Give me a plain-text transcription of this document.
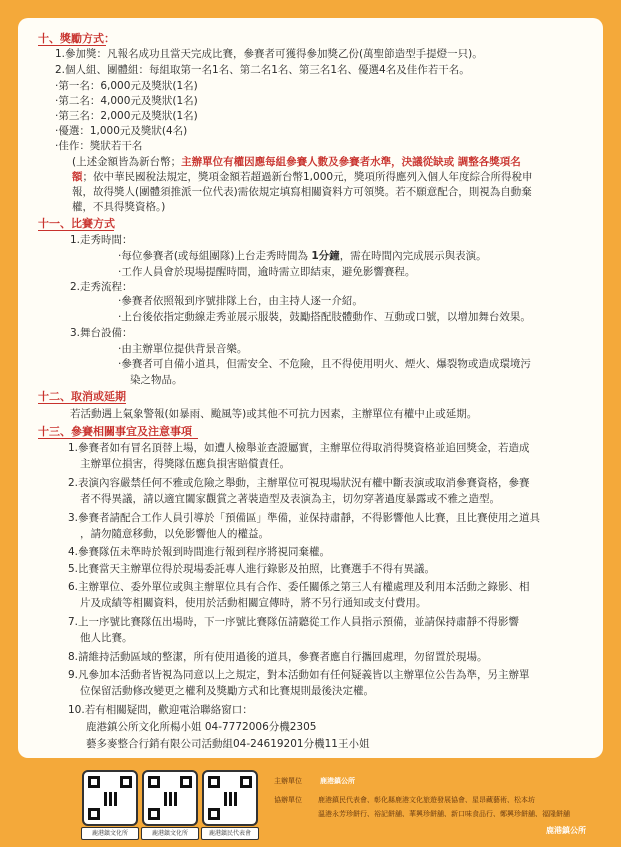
十、獎勵方式：
1.參加獎：凡報名成功且當天完成比賽，參賽者可獲得參加獎乙份(萬聖節造型手提燈一只)。
2.個人組、團體組：每組取第一名1名、第二名1名、第三名1名、優選4名及佳作若干名。
‧第一名：6,000元及獎狀(1名)
‧第二名：4,000元及獎狀(1名)
‧第三名：2,000元及獎狀(1名)
‧優選：1,000元及獎狀(4名)
‧佳作：獎狀若干名
(上述金額皆為新台幣；主辦單位有權因應每組參賽人數及參賽者水準，決議從缺或 調整各獎項名
額；依中華民國稅法規定，獎項金額若超過新台幣1,000元，獎項所得應列入個人年度綜合所得稅申
報，故得獎人(團體須推派一位代表)需依規定填寫相關資料方可領獎。若不願意配合，則視為自動棄
權，不具得獎資格。)
十一、比賽方式
1.走秀時間：
‧每位參賽者(或每組團隊)上台走秀時間為 1分鐘，需在時間內完成展示與表演。
‧工作人員會於現場提醒時間，逾時需立即結束，避免影響賽程。
2.走秀流程：
‧參賽者依照報到序號排隊上台，由主持人逐一介紹。
‧上台後依指定動線走秀並展示服裝，鼓勵搭配肢體動作、互動或口號，以增加舞台效果。
3.舞台設備：
‧由主辦單位提供背景音樂。
‧參賽者可自備小道具，但需安全、不危險，且不得使用明火、煙火、爆裂物或造成環境污
染之物品。
十二、取消或延期
若活動遇上氣象警報(如暴雨、颱風等)或其他不可抗力因素，主辦單位有權中止或延期。
十三、參賽相關事宜及注意事項
1.參賽者如有冒名頂替上場，如遭人檢舉並查證屬實，主辦單位得取消得獎資格並追回獎金，若造成
主辦單位損害，得獎隊伍應負損害賠償責任。
2.表演內容嚴禁任何不雅或危險之舉動，主辦單位可視現場狀況有權中斷表演或取消參賽資格，參賽
者不得異議，請以適宜闔家觀賞之著裝造型及表演為主，切勿穿著過度暴露或不雅之造型。
3.參賽者請配合工作人員引導於「預備區」準備，並保持肅靜，不得影響他人比賽，且比賽使用之道具
，請勿隨意移動，以免影響他人的權益。
4.參賽隊伍未準時於報到時間進行報到程序將視同棄權。
5.比賽當天主辦單位得於現場委託專人進行錄影及拍照，比賽選手不得有異議。
6.主辦單位、委外單位或與主辦單位具有合作、委任關係之第三人有權處理及利用本活動之錄影、相
片及成績等相關資料，使用於活動相關宣傳時，將不另行通知或支付費用。
7.上一序號比賽隊伍出場時，下一序號比賽隊伍請聽從工作人員指示預備，並請保持肅靜不得影響
他人比賽。
8.請維持活動區域的整潔，所有使用過後的道具，參賽者應自行攜回處理，勿留置於現場。
9.凡參加本活動者皆視為同意以上之規定，對本活動如有任何疑義皆以主辦單位公告為準，另主辦單
位保留活動修改變更之權利及獎勵方式和比賽規則最後決定權。
10.若有相關疑問，歡迎電洽聯絡窗口：
鹿港鎮公所文化所楊小姐 04-7772006分機2305
藝多麥整合行銷有限公司活動組04-24619201分機11王小姐
鹿港鎮文化所	鹿港鎮文化所	鹿港鎮民代表會
主辦單位	鹿港鎮公所
協辦單位 鹿港鎮民代表會、彰化縣鹿港文化旅遊發展協會、星昂藏藝術、松本坊
溫港永芳珍餅行、裕記餅舖、華興珍餅舖、新口味食品行、鄭興珍餅舖、福隆餅舖
鹿港鎮公所
